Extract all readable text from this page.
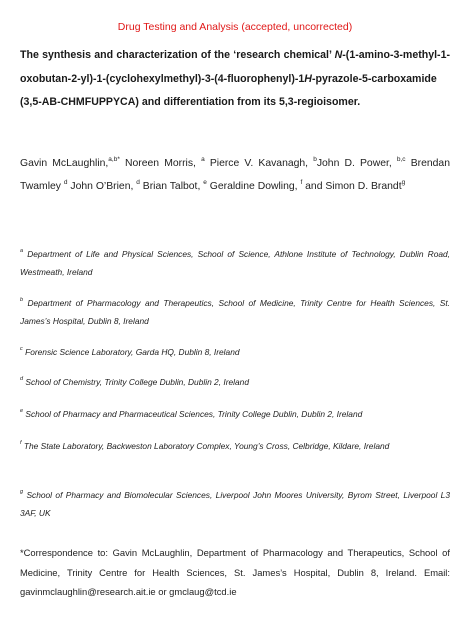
Drug Testing and Analysis (accepted, uncorrected)
The synthesis and characterization of the ‘research chemical’ N-(1-amino-3-methyl-1-oxobutan-2-yl)-1-(cyclohexylmethyl)-3-(4-fluorophenyl)-1H-pyrazole-5-carboxamide (3,5-AB-CHMFUPPYCA) and differentiation from its 5,3-regioisomer.
Gavin McLaughlin,$^{a,b*}$ Noreen Morris, $^a$ Pierce V. Kavanagh, $^b$John D. Power, $^{b,c}$ Brendan Twamley $^d$ John O’Brien, $^d$ Brian Talbot, $^e$ Geraldine Dowling, $^f$ and Simon D. Brandt$^g$
$^a$ Department of Life and Physical Sciences, School of Science, Athlone Institute of Technology, Dublin Road, Westmeath, Ireland
$^b$ Department of Pharmacology and Therapeutics, School of Medicine, Trinity Centre for Health Sciences, St. James’s Hospital, Dublin 8, Ireland
$^c$ Forensic Science Laboratory, Garda HQ, Dublin 8, Ireland
$^d$ School of Chemistry, Trinity College Dublin, Dublin 2, Ireland
$^e$ School of Pharmacy and Pharmaceutical Sciences, Trinity College Dublin, Dublin 2, Ireland
$^f$ The State Laboratory, Backweston Laboratory Complex, Young’s Cross, Celbridge, Kildare, Ireland
$^g$ School of Pharmacy and Biomolecular Sciences, Liverpool John Moores University, Byrom Street, Liverpool L3 3AF, UK
*Correspondence to: Gavin McLaughlin, Department of Pharmacology and Therapeutics, School of Medicine, Trinity Centre for Health Sciences, St. James’s Hospital, Dublin 8, Ireland. Email: gavinmclaughlin@research.ait.ie or gmclaug@tcd.ie
